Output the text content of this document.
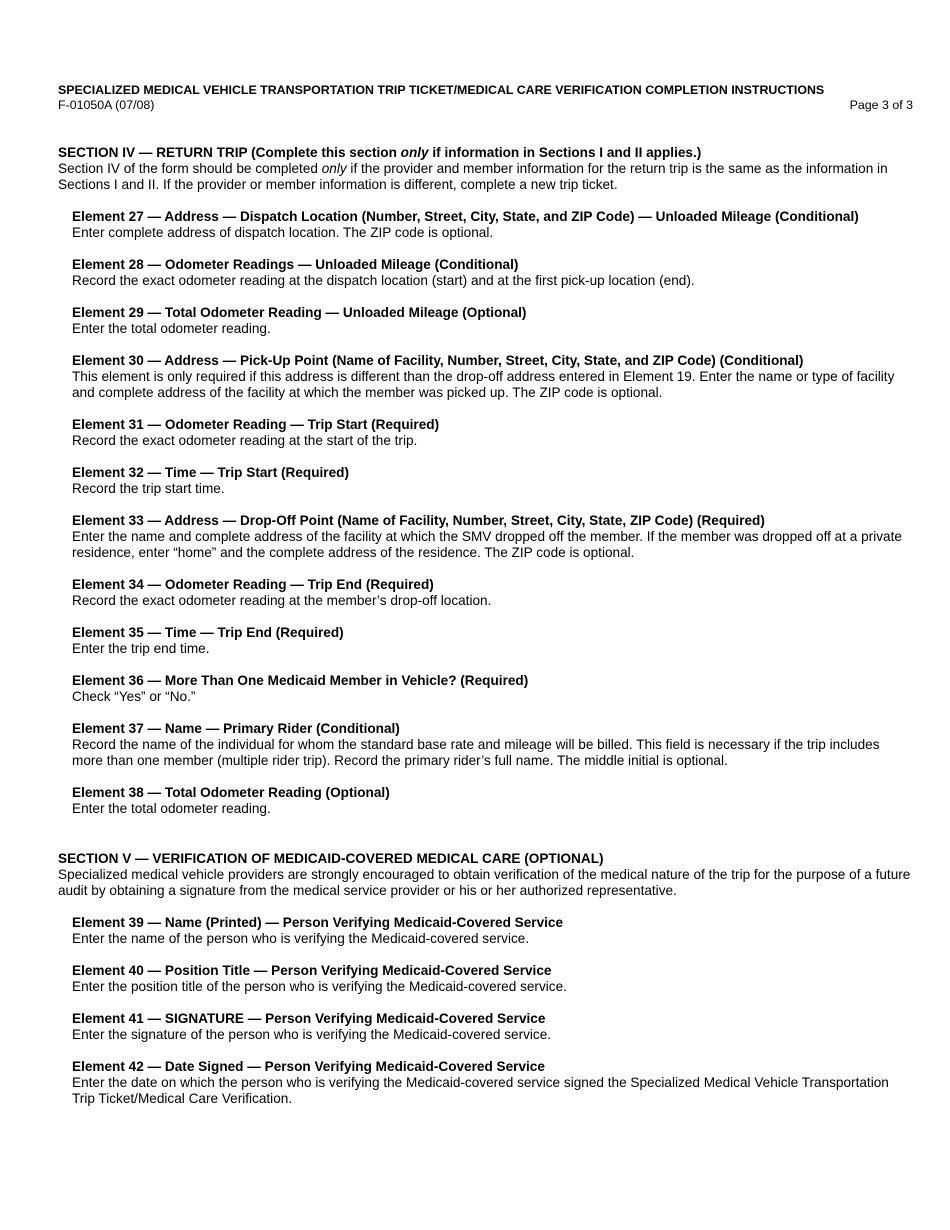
SPECIALIZED MEDICAL VEHICLE TRANSPORTATION TRIP TICKET/MEDICAL CARE VERIFICATION COMPLETION INSTRUCTIONS
F-01050A (07/08)	Page 3 of 3
SECTION IV — RETURN TRIP (Complete this section only if information in Sections I and II applies.)
Section IV of the form should be completed only if the provider and member information for the return trip is the same as the information in Sections I and II. If the provider or member information is different, complete a new trip ticket.
Element 27 — Address — Dispatch Location (Number, Street, City, State, and ZIP Code) — Unloaded Mileage (Conditional)
Enter complete address of dispatch location. The ZIP code is optional.
Element 28 — Odometer Readings — Unloaded Mileage (Conditional)
Record the exact odometer reading at the dispatch location (start) and at the first pick-up location (end).
Element 29 — Total Odometer Reading — Unloaded Mileage (Optional)
Enter the total odometer reading.
Element 30 — Address — Pick-Up Point (Name of Facility, Number, Street, City, State, and ZIP Code) (Conditional)
This element is only required if this address is different than the drop-off address entered in Element 19. Enter the name or type of facility and complete address of the facility at which the member was picked up. The ZIP code is optional.
Element 31 — Odometer Reading — Trip Start (Required)
Record the exact odometer reading at the start of the trip.
Element 32 — Time — Trip Start (Required)
Record the trip start time.
Element 33 — Address — Drop-Off Point (Name of Facility, Number, Street, City, State, ZIP Code) (Required)
Enter the name and complete address of the facility at which the SMV dropped off the member. If the member was dropped off at a private residence, enter “home” and the complete address of the residence. The ZIP code is optional.
Element 34 — Odometer Reading — Trip End (Required)
Record the exact odometer reading at the member’s drop-off location.
Element 35 — Time — Trip End (Required)
Enter the trip end time.
Element 36 — More Than One Medicaid Member in Vehicle? (Required)
Check “Yes” or “No.”
Element 37 — Name — Primary Rider (Conditional)
Record the name of the individual for whom the standard base rate and mileage will be billed. This field is necessary if the trip includes more than one member (multiple rider trip). Record the primary rider’s full name. The middle initial is optional.
Element 38 — Total Odometer Reading (Optional)
Enter the total odometer reading.
SECTION V — VERIFICATION OF MEDICAID-COVERED MEDICAL CARE (OPTIONAL)
Specialized medical vehicle providers are strongly encouraged to obtain verification of the medical nature of the trip for the purpose of a future audit by obtaining a signature from the medical service provider or his or her authorized representative.
Element 39 — Name (Printed) — Person Verifying Medicaid-Covered Service
Enter the name of the person who is verifying the Medicaid-covered service.
Element 40 — Position Title — Person Verifying Medicaid-Covered Service
Enter the position title of the person who is verifying the Medicaid-covered service.
Element 41 — SIGNATURE — Person Verifying Medicaid-Covered Service
Enter the signature of the person who is verifying the Medicaid-covered service.
Element 42 — Date Signed — Person Verifying Medicaid-Covered Service
Enter the date on which the person who is verifying the Medicaid-covered service signed the Specialized Medical Vehicle Transportation Trip Ticket/Medical Care Verification.
